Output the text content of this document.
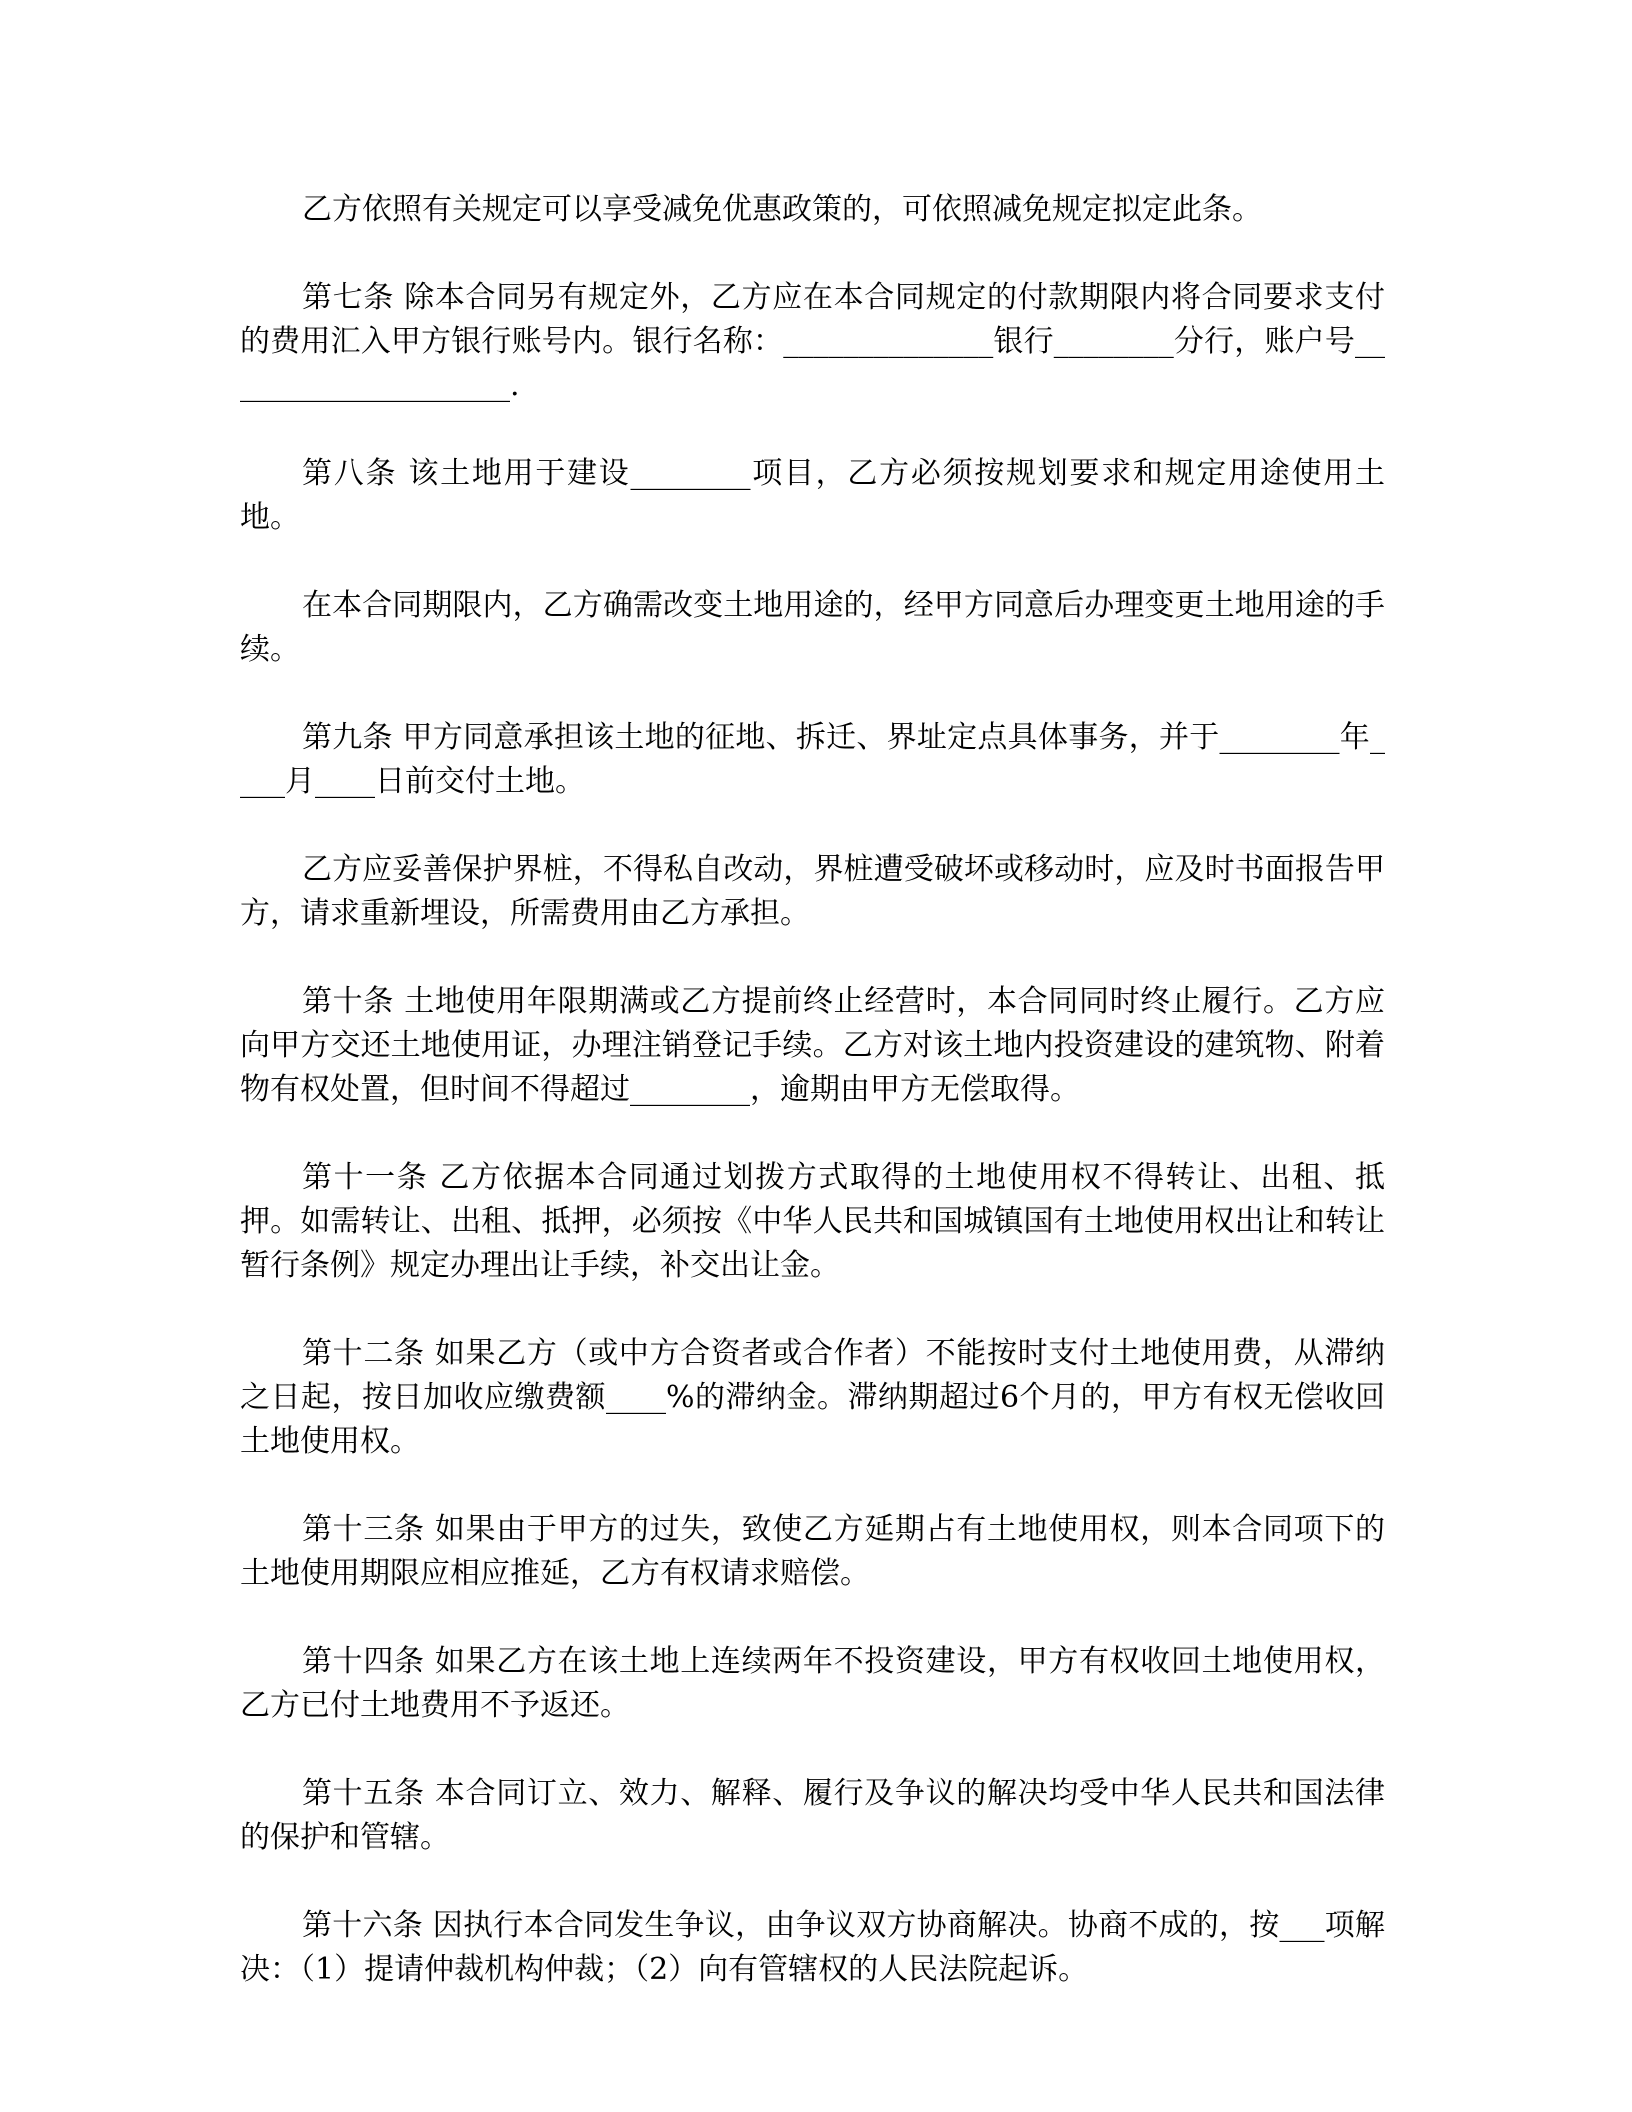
乙方依照有关规定可以享受减免优惠政策的，可依照减免规定拟定此条。

第七条 除本合同另有规定外，乙方应在本合同规定的付款期限内将合同要求支付的费用汇入甲方银行账号内。银行名称：______________银行________分行，账户号____________________.

第八条 该土地用于建设________项目，乙方必须按规划要求和规定用途使用土地。

在本合同期限内，乙方确需改变土地用途的，经甲方同意后办理变更土地用途的手续。

第九条 甲方同意承担该土地的征地、拆迁、界址定点具体事务，并于________年____月____日前交付土地。

乙方应妥善保护界桩，不得私自改动，界桩遭受破坏或移动时，应及时书面报告甲方，请求重新埋设，所需费用由乙方承担。

第十条 土地使用年限期满或乙方提前终止经营时，本合同同时终止履行。乙方应向甲方交还土地使用证，办理注销登记手续。乙方对该土地内投资建设的建筑物、附着物有权处置，但时间不得超过________，逾期由甲方无偿取得。

第十一条 乙方依据本合同通过划拨方式取得的土地使用权不得转让、出租、抵押。如需转让、出租、抵押，必须按《中华人民共和国城镇国有土地使用权出让和转让暂行条例》规定办理出让手续，补交出让金。

第十二条 如果乙方（或中方合资者或合作者）不能按时支付土地使用费，从滞纳之日起，按日加收应缴费额____%的滞纳金。滞纳期超过6个月的，甲方有权无偿收回土地使用权。

第十三条 如果由于甲方的过失，致使乙方延期占有土地使用权，则本合同项下的土地使用期限应相应推延，乙方有权请求赔偿。

第十四条 如果乙方在该土地上连续两年不投资建设，甲方有权收回土地使用权，乙方已付土地费用不予返还。

第十五条 本合同订立、效力、解释、履行及争议的解决均受中华人民共和国法律的保护和管辖。

第十六条 因执行本合同发生争议，由争议双方协商解决。协商不成的，按___项解决：（1）提请仲裁机构仲裁；（2）向有管辖权的人民法院起诉。
